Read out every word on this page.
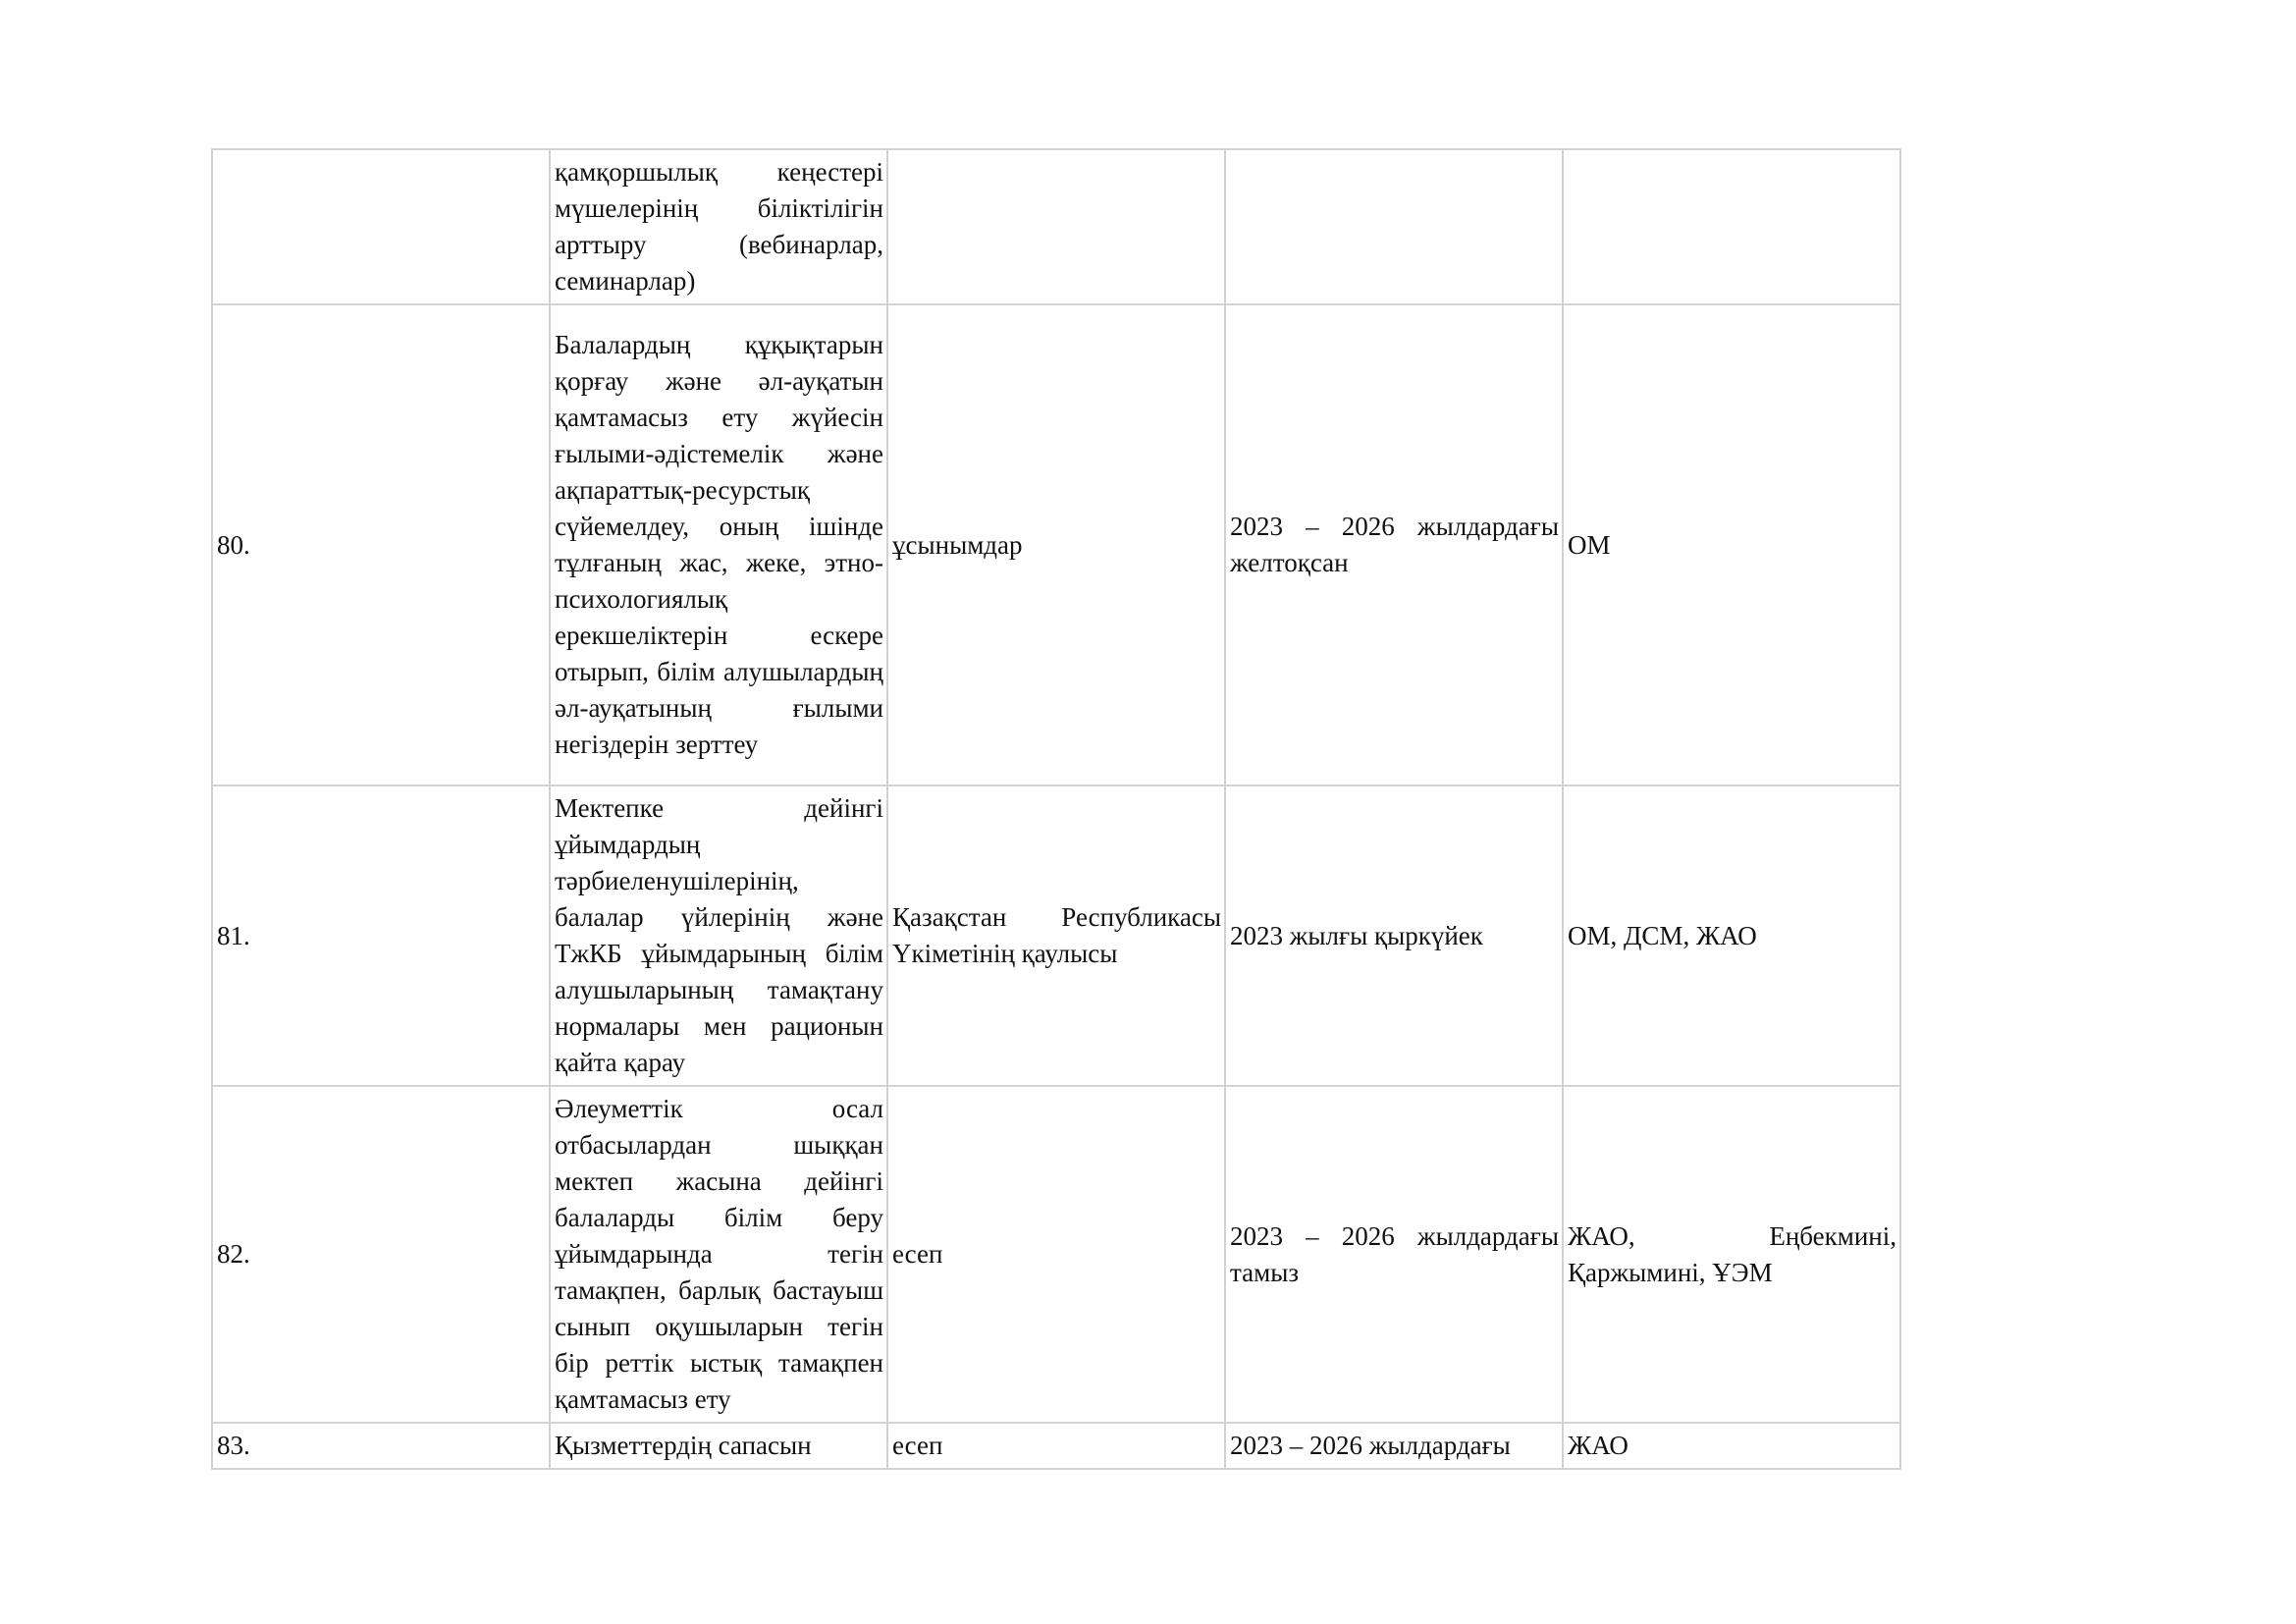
	қамқоршылық кеңестері мүшелерінің біліктілігін арттыру (вебинарлар, семинарлар)			

80.	Балалардың құқықтарын қорғау және әл-ауқатын қамтамасыз ету жүйесін ғылыми-әдістемелік және ақпараттық-ресурстық сүйемелдеу, оның ішінде тұлғаның жас, жеке, этно-психологиялық ерекшеліктерін ескере отырып, білім алушылардың әл-ауқатының ғылыми негіздерін зерттеу	ұсынымдар	2023 – 2026 жылдардағы желтоқсан	ОМ

81.	Мектепке дейінгі ұйымдардың тәрбиеленушілерінің, балалар үйлерінің және ТжКБ ұйымдарының білім алушыларының тамақтану нормалары мен рационын қайта қарау	Қазақстан Республикасы Үкіметінің қаулысы	2023 жылғы қыркүйек	ОМ, ДСМ, ЖАО

82.	Әлеуметтік осал отбасылардан шыққан мектеп жасына дейінгі балаларды білім беру ұйымдарында тегін тамақпен, барлық бастауыш сынып оқушыларын тегін бір реттік ыстық тамақпен қамтамасыз ету	есеп	2023 – 2026 жылдардағы тамыз	ЖАО, Еңбекмині, Қаржымині, ҰЭМ

83.	Қызметтердің сапасын	есеп	2023 – 2026 жылдардағы	ЖАО
